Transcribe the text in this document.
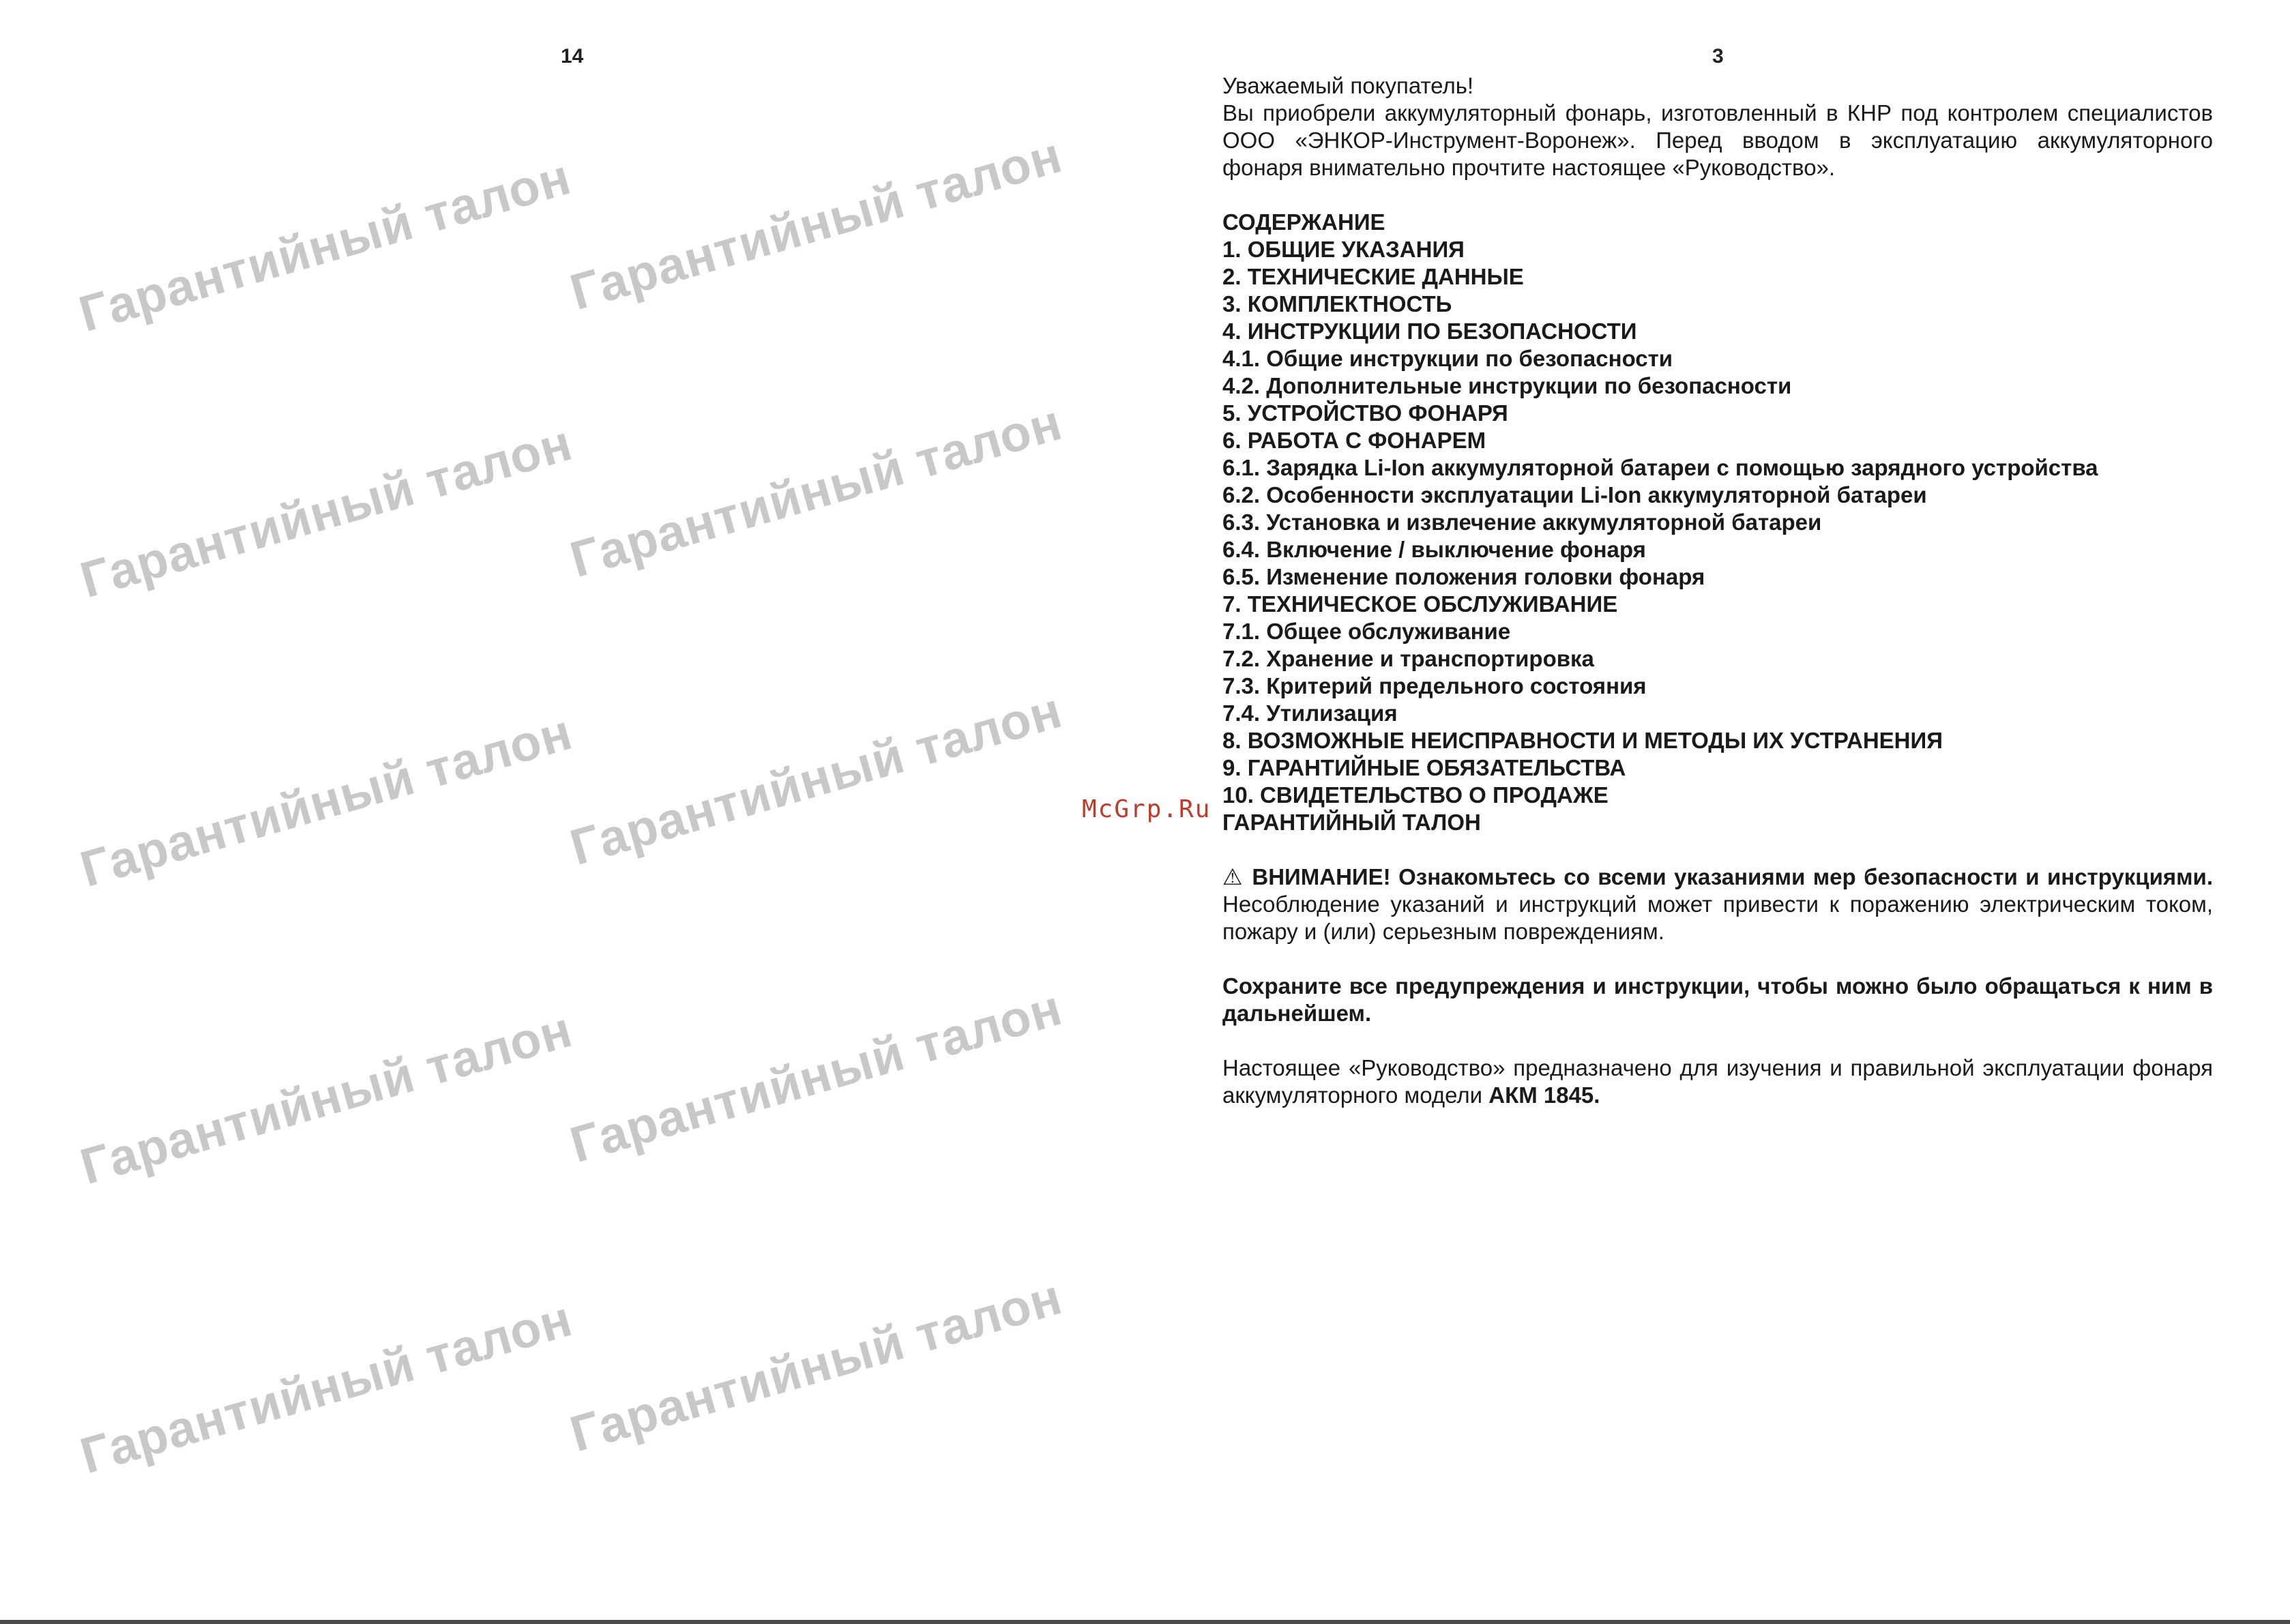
14
Гарантийный талон
Гарантийный талон
Гарантийный талон
Гарантийный талон
Гарантийный талон
Гарантийный талон
Гарантийный талон
Гарантийный талон
Гарантийный талон
Гарантийный талон
McGrp.Ru
3

Уважаемый покупатель!

Вы приобрели аккумуляторный фонарь, изготовленный в КНР под контролем специалистов ООО «ЭНКОР-Инструмент-Воронеж». Перед вводом в эксплуатацию аккумуляторного фонаря внимательно прочтите настоящее «Руководство».

СОДЕРЖАНИЕ

1. ОБЩИЕ УКАЗАНИЯ
2. ТЕХНИЧЕСКИЕ ДАННЫЕ
3. КОМПЛЕКТНОСТЬ
4. ИНСТРУКЦИИ ПО БЕЗОПАСНОСТИ
4.1. Общие инструкции по безопасности
4.2. Дополнительные инструкции по безопасности
5. УСТРОЙСТВО ФОНАРЯ
6. РАБОТА С ФОНАРЕМ
6.1. Зарядка Li-Ion аккумуляторной батареи с помощью зарядного устройства
6.2. Особенности эксплуатации Li-Ion аккумуляторной батареи
6.3. Установка и извлечение аккумуляторной батареи
6.4. Включение / выключение фонаря
6.5. Изменение положения головки фонаря
7. ТЕХНИЧЕСКОЕ ОБСЛУЖИВАНИЕ
7.1. Общее обслуживание
7.2. Хранение и транспортировка
7.3. Критерий предельного состояния
7.4. Утилизация
8. ВОЗМОЖНЫЕ НЕИСПРАВНОСТИ И МЕТОДЫ ИХ УСТРАНЕНИЯ
9. ГАРАНТИЙНЫЕ ОБЯЗАТЕЛЬСТВА
10. СВИДЕТЕЛЬСТВО О ПРОДАЖЕ
ГАРАНТИЙНЫЙ ТАЛОН

⚠ ВНИМАНИЕ! Ознакомьтесь со всеми указаниями мер безопасности и инструкциями. Несоблюдение указаний и инструкций может привести к поражению электрическим током, пожару и (или) серьезным повреждениям.

Сохраните все предупреждения и инструкции, чтобы можно было обращаться к ним в дальнейшем.

Настоящее «Руководство» предназначено для изучения и правильной эксплуатации фонаря аккумуляторного модели АКМ 1845.
